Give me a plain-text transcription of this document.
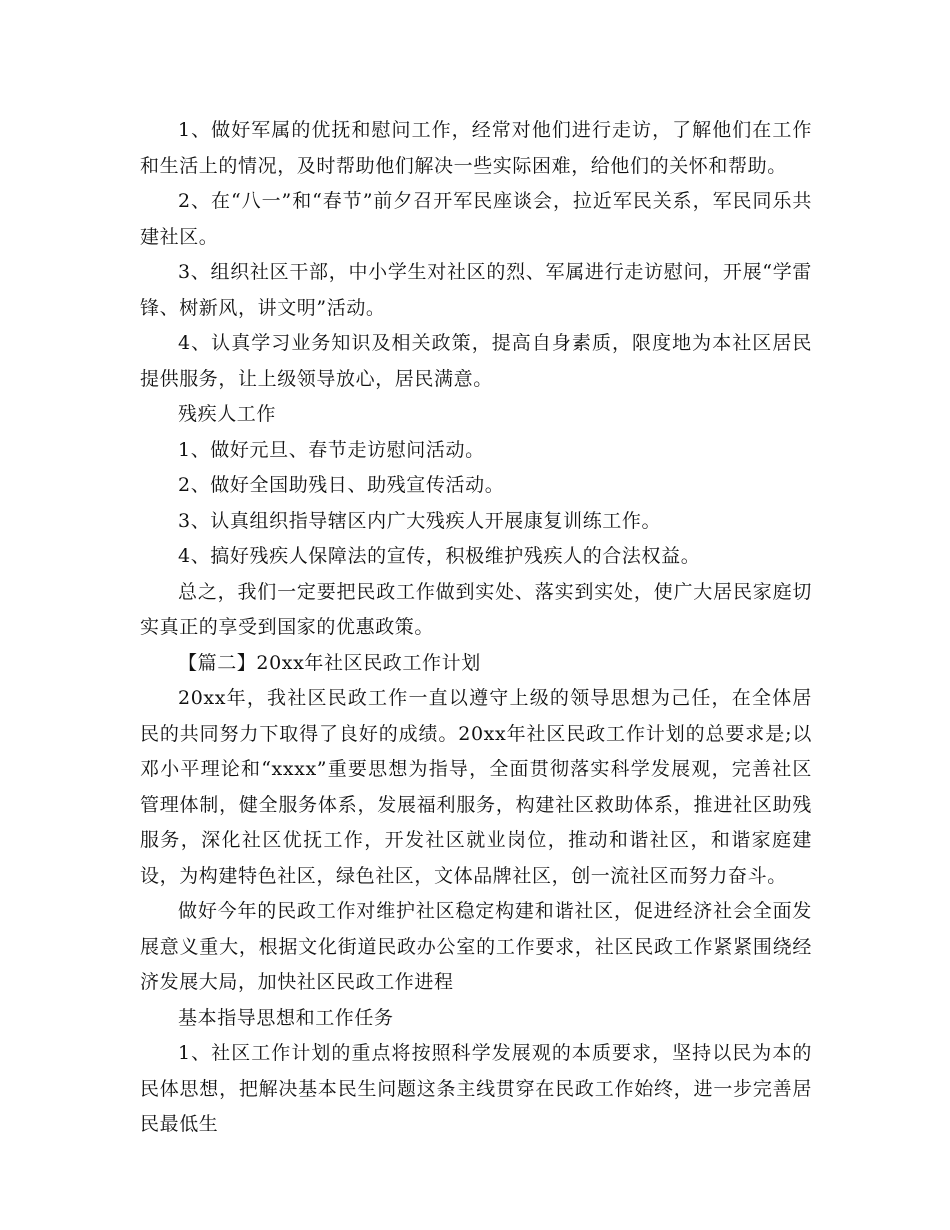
1、做好军属的优抚和慰问工作，经常对他们进行走访，了解他们在工作和生活上的情况，及时帮助他们解决一些实际困难，给他们的关怀和帮助。

2、在“八一”和“春节”前夕召开军民座谈会，拉近军民关系，军民同乐共建社区。

3、组织社区干部，中小学生对社区的烈、军属进行走访慰问，开展“学雷锋、树新风，讲文明”活动。

4、认真学习业务知识及相关政策，提高自身素质，限度地为本社区居民提供服务，让上级领导放心，居民满意。

残疾人工作

1、做好元旦、春节走访慰问活动。

2、做好全国助残日、助残宣传活动。

3、认真组织指导辖区内广大残疾人开展康复训练工作。

4、搞好残疾人保障法的宣传，积极维护残疾人的合法权益。

总之，我们一定要把民政工作做到实处、落实到实处，使广大居民家庭切实真正的享受到国家的优惠政策。

【篇二】20xx年社区民政工作计划

20xx年，我社区民政工作一直以遵守上级的领导思想为己任，在全体居民的共同努力下取得了良好的成绩。20xx年社区民政工作计划的总要求是;以邓小平理论和“xxxx”重要思想为指导，全面贯彻落实科学发展观，完善社区管理体制，健全服务体系，发展福利服务，构建社区救助体系，推进社区助残服务，深化社区优抚工作，开发社区就业岗位，推动和谐社区，和谐家庭建设，为构建特色社区，绿色社区，文体品牌社区，创一流社区而努力奋斗。

做好今年的民政工作对维护社区稳定构建和谐社区，促进经济社会全面发展意义重大，根据文化街道民政办公室的工作要求，社区民政工作紧紧围绕经济发展大局，加快社区民政工作进程

基本指导思想和工作任务

1、社区工作计划的重点将按照科学发展观的本质要求，坚持以民为本的民体思想，把解决基本民生问题这条主线贯穿在民政工作始终，进一步完善居民最低生
